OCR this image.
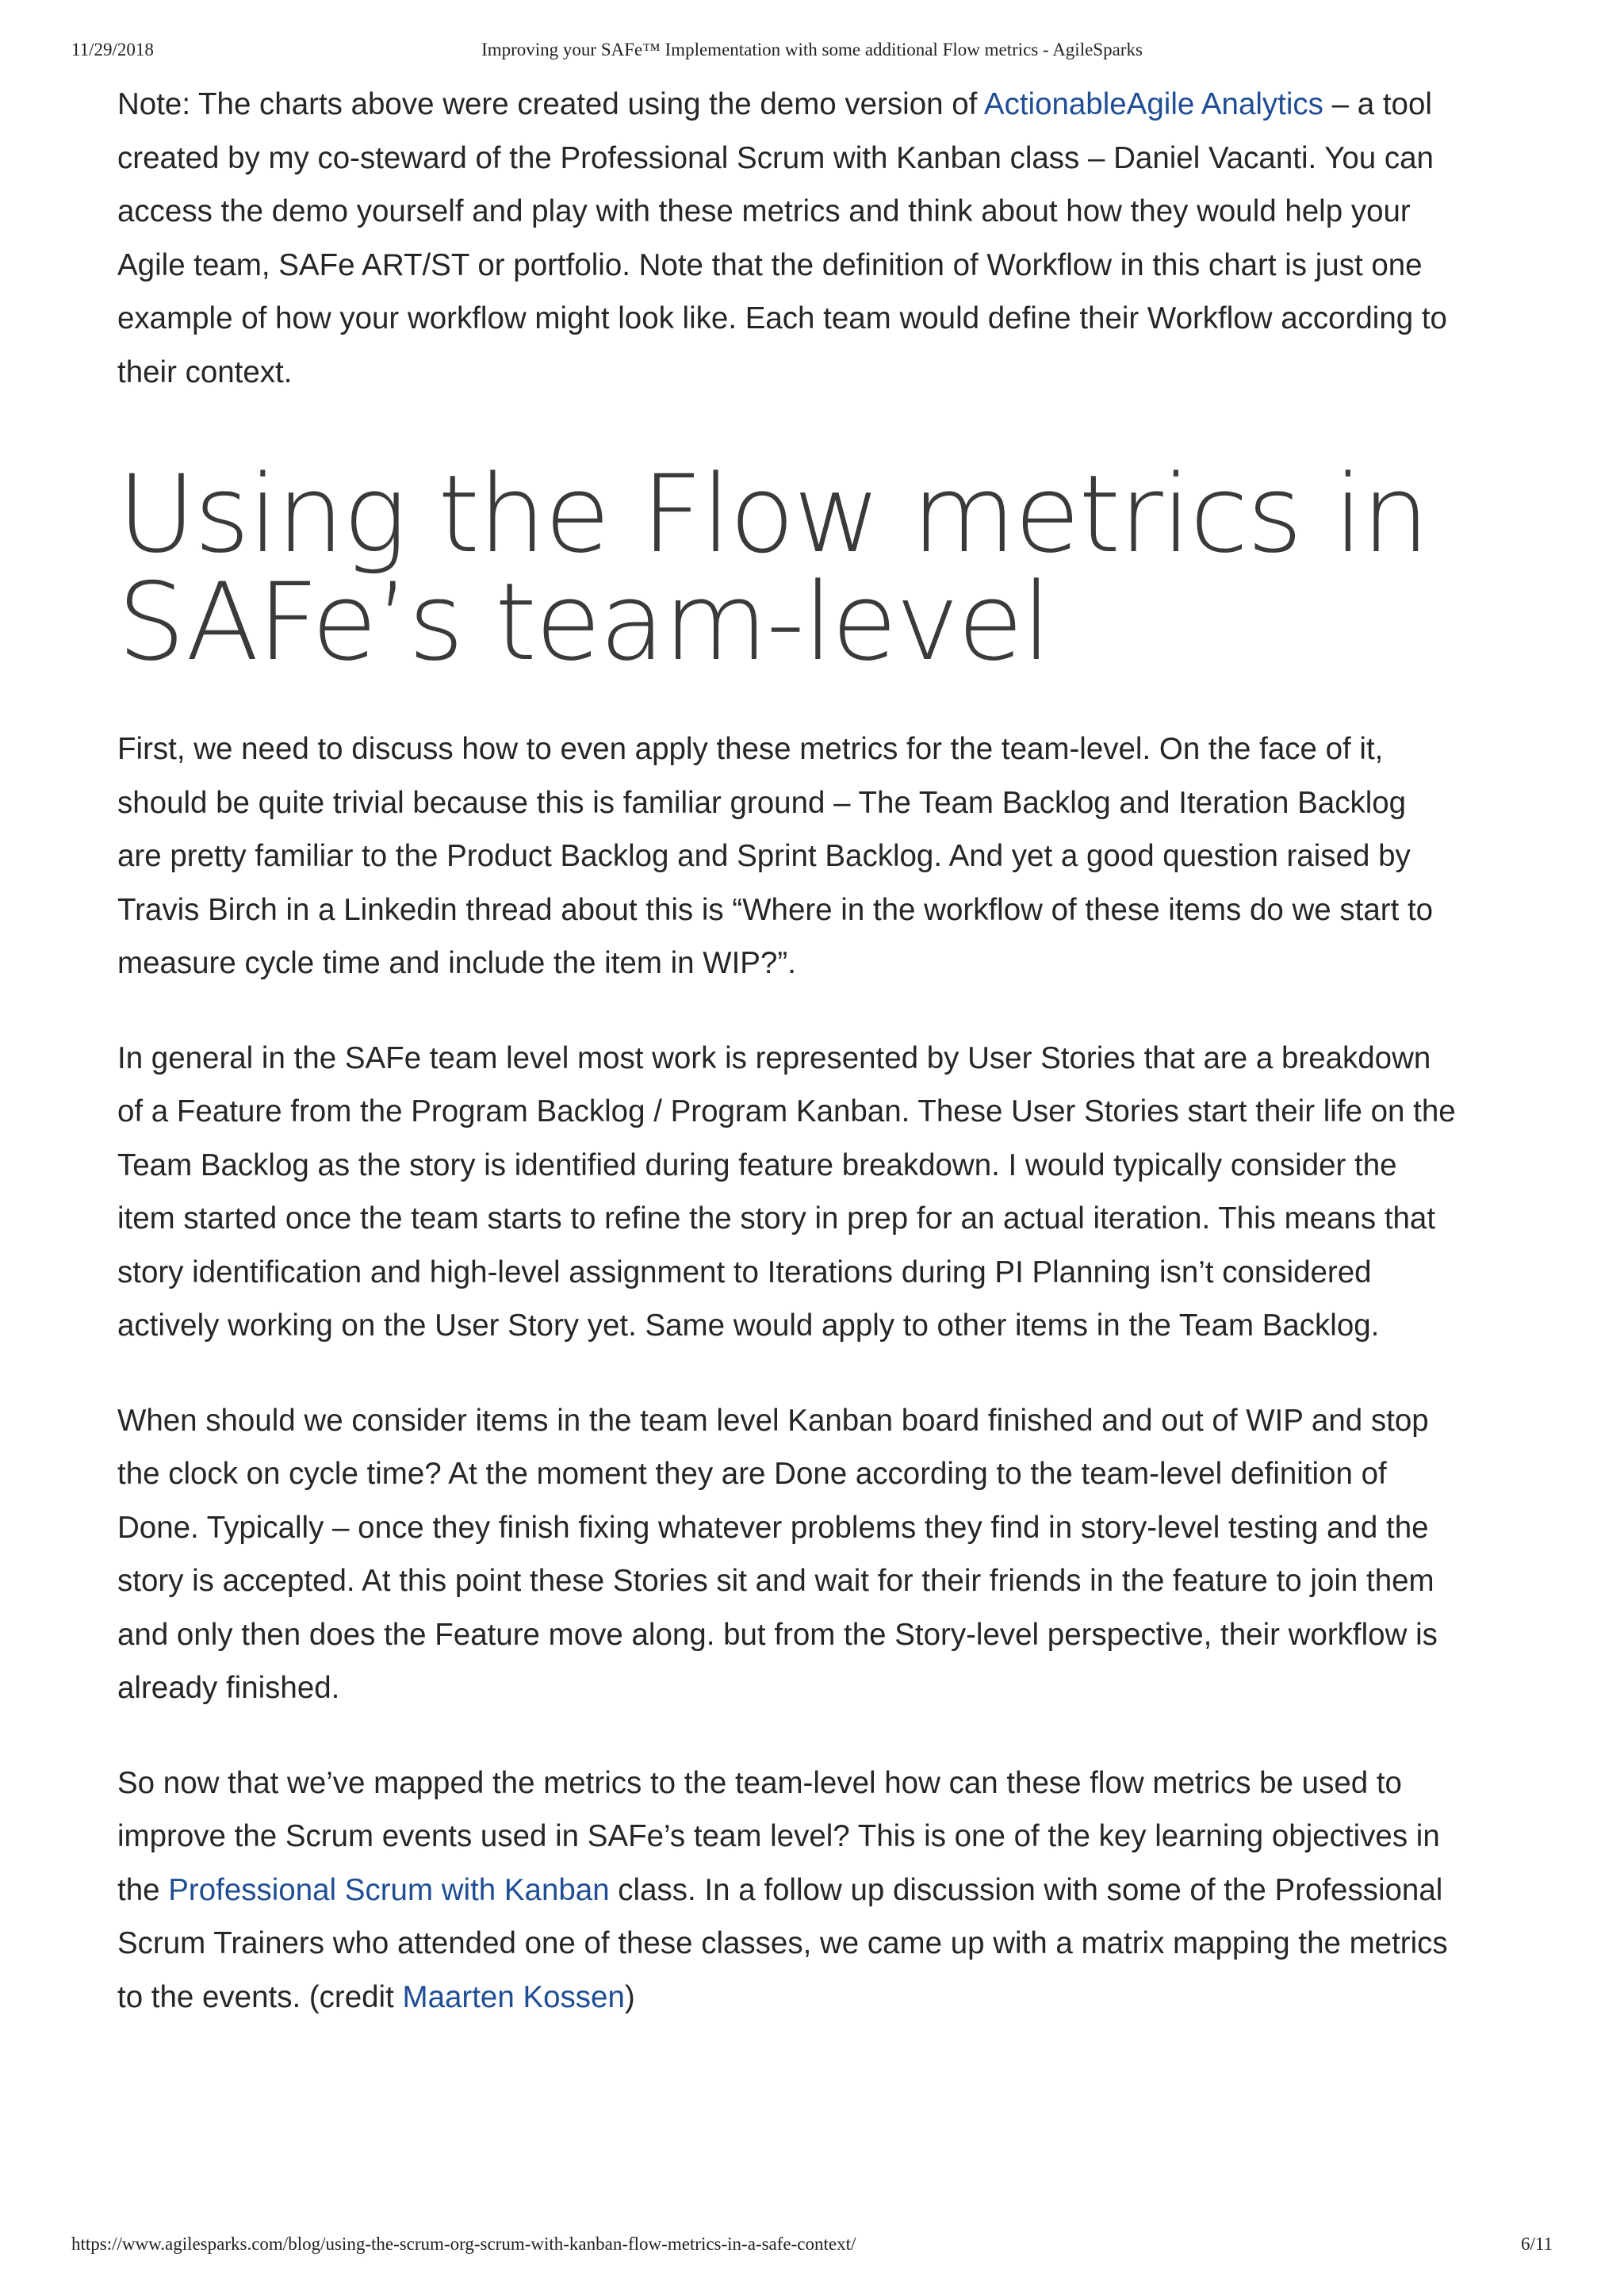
11/29/2018	Improving your SAFe™ Implementation with some additional Flow metrics - AgileSparks

Note: The charts above were created using the demo version of ActionableAgile Analytics – a tool created by my co-steward of the Professional Scrum with Kanban class – Daniel Vacanti. You can access the demo yourself and play with these metrics and think about how they would help your Agile team, SAFe ART/ST or portfolio. Note that the definition of Workflow in this chart is just one example of how your workflow might look like. Each team would define their Workflow according to their context.

Using the Flow metrics in SAFe’s team-level

First, we need to discuss how to even apply these metrics for the team-level. On the face of it, should be quite trivial because this is familiar ground – The Team Backlog and Iteration Backlog are pretty familiar to the Product Backlog and Sprint Backlog. And yet a good question raised by Travis Birch in a Linkedin thread about this is “Where in the workflow of these items do we start to measure cycle time and include the item in WIP?”.

In general in the SAFe team level most work is represented by User Stories that are a breakdown of a Feature from the Program Backlog / Program Kanban. These User Stories start their life on the Team Backlog as the story is identified during feature breakdown. I would typically consider the item started once the team starts to refine the story in prep for an actual iteration. This means that story identification and high-level assignment to Iterations during PI Planning isn’t considered actively working on the User Story yet. Same would apply to other items in the Team Backlog.

When should we consider items in the team level Kanban board finished and out of WIP and stop the clock on cycle time? At the moment they are Done according to the team-level definition of Done. Typically – once they finish fixing whatever problems they find in story-level testing and the story is accepted. At this point these Stories sit and wait for their friends in the feature to join them and only then does the Feature move along. but from the Story-level perspective, their workflow is already finished.

So now that we’ve mapped the metrics to the team-level how can these flow metrics be used to improve the Scrum events used in SAFe’s team level? This is one of the key learning objectives in the Professional Scrum with Kanban class. In a follow up discussion with some of the Professional Scrum Trainers who attended one of these classes, we came up with a matrix mapping the metrics to the events. (credit Maarten Kossen)

https://www.agilesparks.com/blog/using-the-scrum-org-scrum-with-kanban-flow-metrics-in-a-safe-context/	6/11
